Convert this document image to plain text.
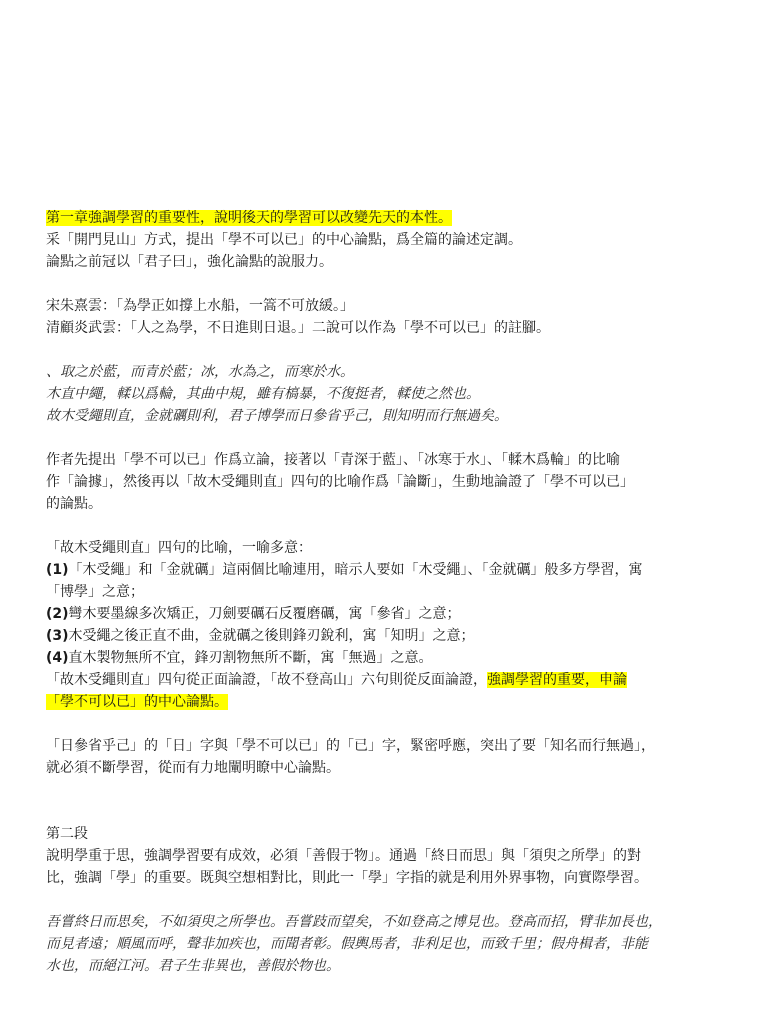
第一章強調學習的重要性，說明後天的學習可以改變先天的本性。

采「開門見山」方式，提出「學不可以已」的中心論點，爲全篇的論述定調。

論點之前冠以「君子曰」，強化論點的說服力。

宋朱熹雲：「為學正如撐上水船，一篙不可放緩。」

清顧炎武雲：「人之為學，不日進則日退。」二說可以作為「學不可以已」的註腳。

、取之於藍，而青於藍；冰，水為之，而寒於水。

木直中繩，輮以爲輪，其曲中規，雖有槁暴，不復挺者，輮使之然也。

故木受繩則直，金就礪則利，君子博學而日參省乎己，則知明而行無過矣。

作者先提出「學不可以已」作爲立論，接著以「青深于藍」、「冰寒于水」、「輮木爲輪」的比喻

作「論據」，然後再以「故木受繩則直」四句的比喻作爲「論斷」，生動地論證了「學不可以已」

的論點。

「故木受繩則直」四句的比喻，一喻多意：

(1)「木受繩」和「金就礪」這兩個比喻連用，暗示人要如「木受繩」、「金就礪」般多方學習，寓

「博學」之意；

(2)彎木要墨線多次矯正，刀劍要礪石反覆磨礪，寓「參省」之意；

(3)木受繩之後正直不曲，金就礪之後則鋒刃銳利，寓「知明」之意；

(4)直木製物無所不宜，鋒刃割物無所不斷，寓「無過」之意。

「故木受繩則直」四句從正面論證，「故不登高山」六句則從反面論證，強調學習的重要，申論

「學不可以已」的中心論點。

「日參省乎己」的「日」字與「學不可以已」的「已」字，緊密呼應，突出了要「知名而行無過」，

就必須不斷學習，從而有力地闡明瞭中心論點。

第二段

說明學重于思，強調學習要有成效，必須「善假于物」。通過「終日而思」與「須臾之所學」的對

比，強調「學」的重要。既與空想相對比，則此一「學」字指的就是利用外界事物，向實際學習。

吾嘗終日而思矣，不如須臾之所學也。吾嘗跂而望矣，不如登高之博見也。登高而招，臂非加長也，

而見者遠；順風而呼，聲非加疾也，而聞者彰。假輿馬者，非利足也，而致千里；假舟楫者，非能

水也，而絕江河。君子生非異也，善假於物也。
